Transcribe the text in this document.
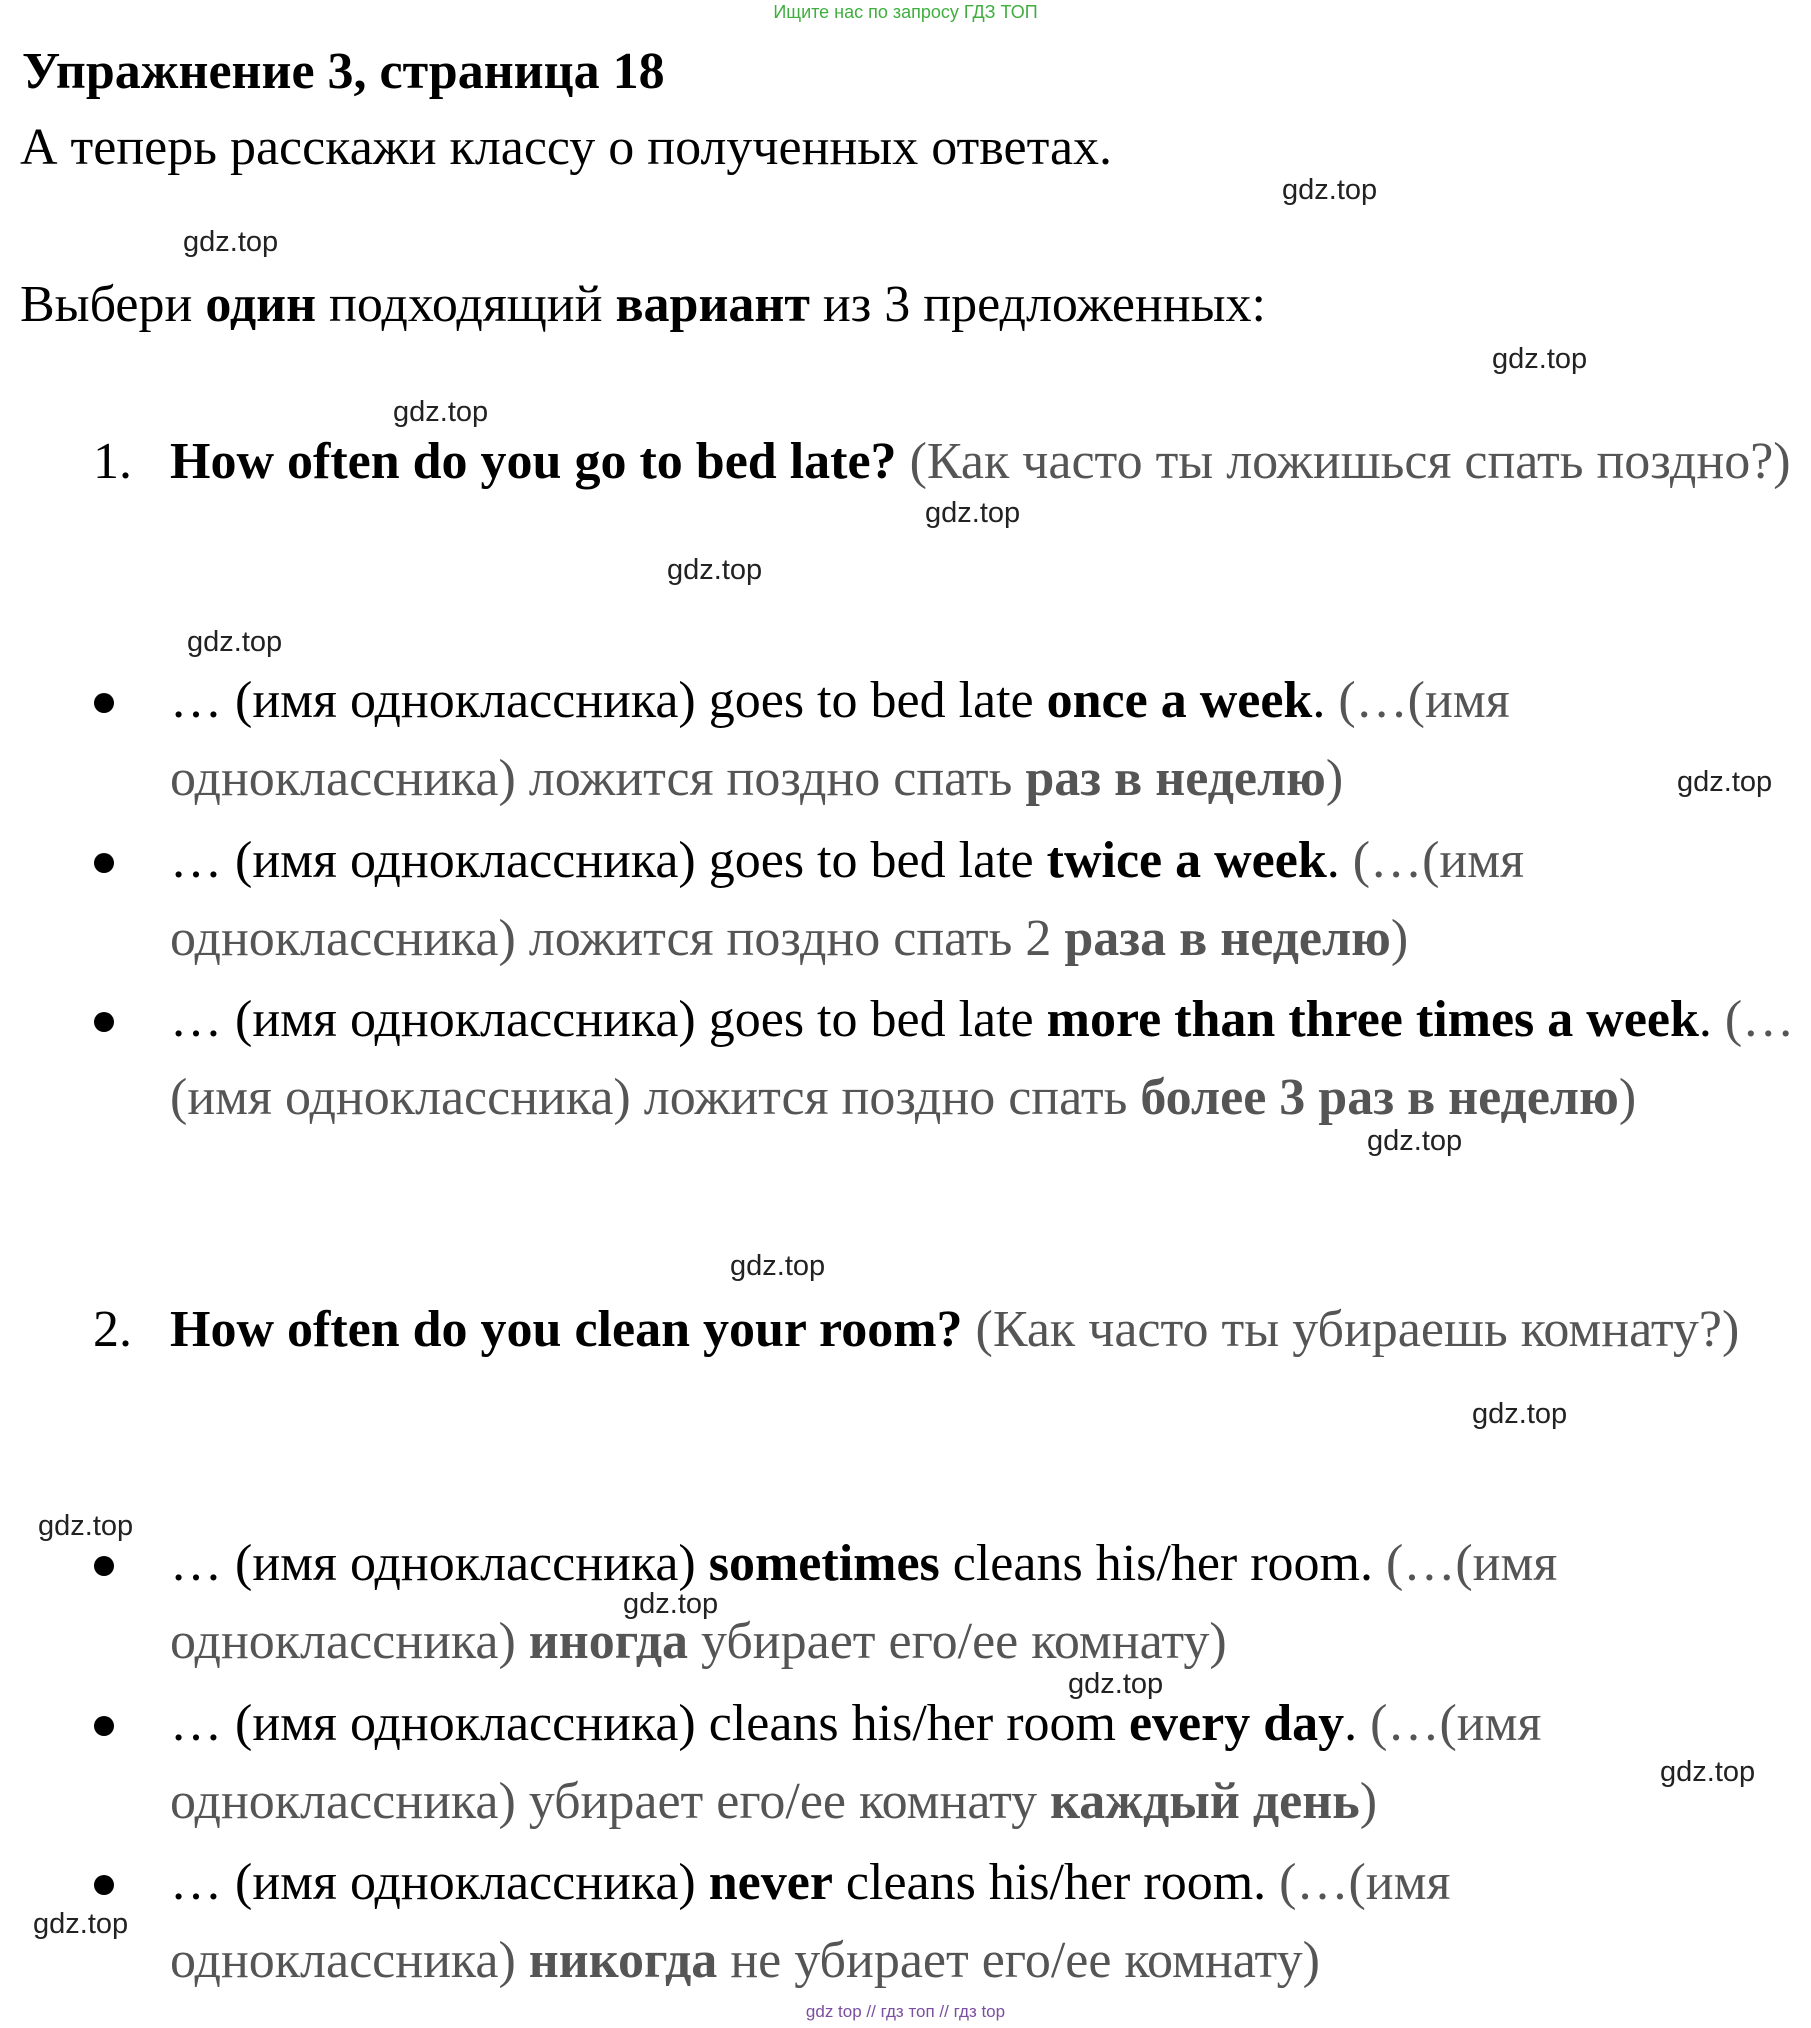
Ищите нас по запросу ГДЗ ТОП
Упражнение 3, страница 18
А теперь расскажи классу о полученных ответах.
Выбери один подходящий вариант из 3 предложенных:
1. How often do you go to bed late? (Как часто ты ложишься спать поздно?)
… (имя одноклассника) goes to bed late once a week. (…(имя одноклассника) ложится поздно спать раз в неделю)
… (имя одноклассника) goes to bed late twice a week. (…(имя одноклассника) ложится поздно спать 2 раза в неделю)
… (имя одноклассника) goes to bed late more than three times a week. (…(имя одноклассника) ложится поздно спать более 3 раз в неделю)
2. How often do you clean your room? (Как часто ты убираешь комнату?)
… (имя одноклассника) sometimes cleans his/her room. (…(имя одноклассника) иногда убирает его/ее комнату)
… (имя одноклассника) cleans his/her room every day. (…(имя одноклассника) убирает его/ее комнату каждый день)
… (имя одноклассника) never cleans his/her room. (…(имя одноклассника) никогда не убирает его/ее комнату)
gdz.top
gdz.top
gdz.top
gdz.top
gdz.top
gdz.top
gdz.top
gdz.top
gdz.top
gdz.top
gdz.top
gdz.top
gdz.top
gdz.top
gdz.top
gdz.top
gdz top // гдз топ // гдз top
